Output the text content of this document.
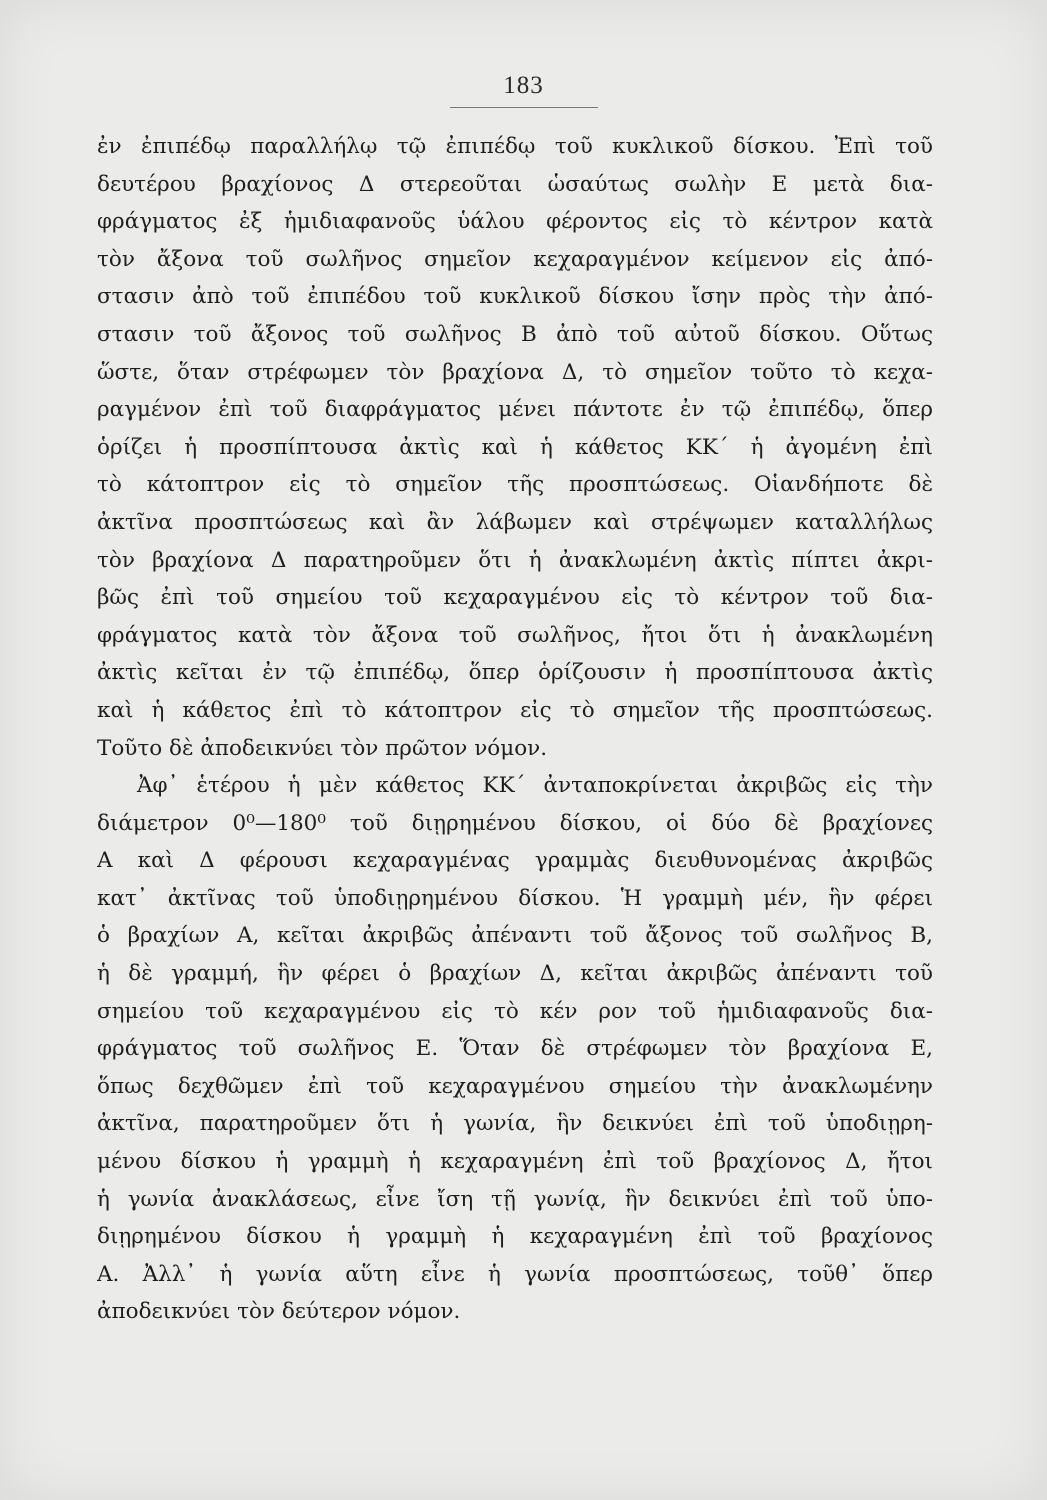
183
ἐν ἐπιπέδῳ παραλλήλῳ τῷ ἐπιπέδῳ τοῦ κυκλικοῦ δίσκου. Ἐπὶ τοῦ
δευτέρου βραχίονος Δ στερεοῦται ὡσαύτως σωλὴν Ε μετὰ δια-
φράγματος ἐξ ἡμιδιαφανοῦς ὑάλου φέροντος εἰς τὸ κέντρον κατὰ
τὸν ἄξονα τοῦ σωλῆνος σημεῖον κεχαραγμένον κείμενον εἰς ἀπό-
στασιν ἀπὸ τοῦ ἐπιπέδου τοῦ κυκλικοῦ δίσκου ἴσην πρὸς τὴν ἀπό-
στασιν τοῦ ἄξονος τοῦ σωλῆνος Β ἀπὸ τοῦ αὐτοῦ δίσκου. Οὕτως
ὥστε, ὅταν στρέφωμεν τὸν βραχίονα Δ, τὸ σημεῖον τοῦτο τὸ κεχα-
ραγμένον ἐπὶ τοῦ διαφράγματος μένει πάντοτε ἐν τῷ ἐπιπέδῳ, ὅπερ
ὁρίζει ἡ προσπίπτουσα ἀκτὶς καὶ ἡ κάθετος ΚΚ΄ ἡ ἀγομένη ἐπὶ
τὸ κάτοπτρον εἰς τὸ σημεῖον τῆς προσπτώσεως. Οἱανδήποτε δὲ
ἀκτῖνα προσπτώσεως καὶ ἂν λάβωμεν καὶ στρέψωμεν καταλλήλως
τὸν βραχίονα Δ παρατηροῦμεν ὅτι ἡ ἀνακλωμένη ἀκτὶς πίπτει ἀκρι-
βῶς ἐπὶ τοῦ σημείου τοῦ κεχαραγμένου εἰς τὸ κέντρον τοῦ δια-
φράγματος κατὰ τὸν ἄξονα τοῦ σωλῆνος, ἤτοι ὅτι ἡ ἀνακλωμένη
ἀκτὶς κεῖται ἐν τῷ ἐπιπέδῳ, ὅπερ ὁρίζουσιν ἡ προσπίπτουσα ἀκτὶς
καὶ ἡ κάθετος ἐπὶ τὸ κάτοπτρον εἰς τὸ σημεῖον τῆς προσπτώσεως.
Τοῦτο δὲ ἀποδεικνύει τὸν πρῶτον νόμον.
Ἀφ᾿ ἑτέρου ἡ μὲν κάθετος ΚΚ΄ ἀνταποκρίνεται ἀκριβῶς εἰς τὴν
διάμετρον 0⁰—180⁰ τοῦ διῃρημένου δίσκου, οἱ δύο δὲ βραχίονες
Α καὶ Δ φέρουσι κεχαραγμένας γραμμὰς διευθυνομένας ἀκριβῶς
κατ᾿ ἀκτῖνας τοῦ ὑποδιῃρημένου δίσκου. Ἡ γραμμὴ μέν, ἣν φέρει
ὁ βραχίων Α, κεῖται ἀκριβῶς ἀπέναντι τοῦ ἄξονος τοῦ σωλῆνος Β,
ἡ δὲ γραμμή, ἣν φέρει ὁ βραχίων Δ, κεῖται ἀκριβῶς ἀπέναντι τοῦ
σημείου τοῦ κεχαραγμένου εἰς τὸ κέν ρον τοῦ ἡμιδιαφανοῦς δια-
φράγματος τοῦ σωλῆνος Ε. Ὅταν δὲ στρέφωμεν τὸν βραχίονα Ε,
ὅπως δεχθῶμεν ἐπὶ τοῦ κεχαραγμένου σημείου τὴν ἀνακλωμένην
ἀκτῖνα, παρατηροῦμεν ὅτι ἡ γωνία, ἣν δεικνύει ἐπὶ τοῦ ὑποδιῃρη-
μένου δίσκου ἡ γραμμὴ ἡ κεχαραγμένη ἐπὶ τοῦ βραχίονος Δ, ἤτοι
ἡ γωνία ἀνακλάσεως, εἶνε ἴση τῇ γωνίᾳ, ἣν δεικνύει ἐπὶ τοῦ ὑπο-
διῃρημένου δίσκου ἡ γραμμὴ ἡ κεχαραγμένη ἐπὶ τοῦ βραχίονος
Α. Ἀλλ᾿ ἡ γωνία αὕτη εἶνε ἡ γωνία προσπτώσεως, τοῦθ᾿ ὅπερ
ἀποδεικνύει τὸν δεύτερον νόμον.
